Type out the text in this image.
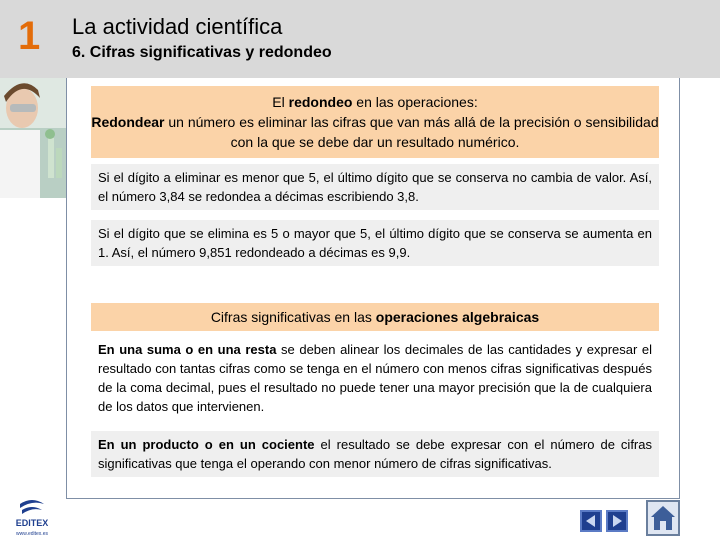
1 La actividad científica
6. Cifras significativas y redondeo
El redondeo en las operaciones:
Redondear un número es eliminar las cifras que van más allá de la precisión o sensibilidad con la que se debe dar un resultado numérico.
Si el dígito a eliminar es menor que 5, el último dígito que se conserva no cambia de valor. Así, el número 3,84 se redondea a décimas escribiendo 3,8.
Si el dígito que se elimina es 5 o mayor que 5, el último dígito que se conserva se aumenta en 1. Así, el número 9,851 redondeado a décimas es 9,9.
Cifras significativas en las operaciones algebraicas
En una suma o en una resta se deben alinear los decimales de las cantidades y expresar el resultado con tantas cifras como se tenga en el número con menos cifras significativas después de la coma decimal, pues el resultado no puede tener una mayor precisión que la de cualquiera de los datos que intervienen.
En un producto o en un cociente el resultado se debe expresar con el número de cifras significativas que tenga el operando con menor número de cifras significativas.
EDITEX
www.editex.es
